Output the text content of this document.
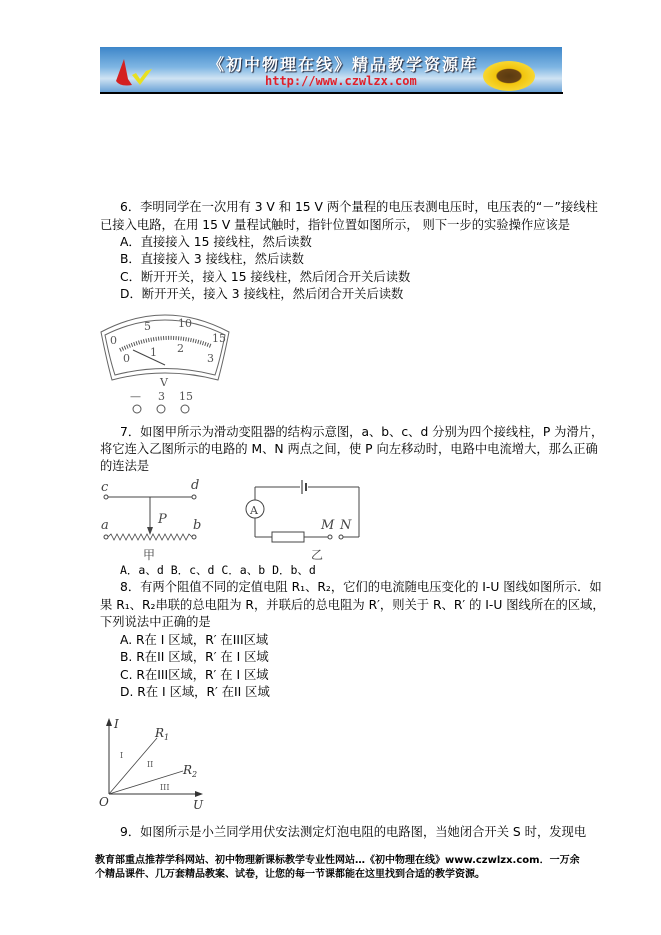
《初中物理在线》精品教学资源库
http://www.czwlzx.com
6．李明同学在一次用有 3 V 和 15 V 两个量程的电压表测电压时，电压表的“－”接线柱
已接入电路，在用 15 V 量程试触时，指针位置如图所示， 则下一步的实验操作应该是
A．直接接入 15 接线柱，然后读数
B．直接接入 3 接线柱，然后读数
C．断开开关，接入 15 接线柱，然后闭合开关后读数
D．断开开关，接入 3 接线柱，然后闭合开关后读数
0
5 10
15
0 1 2
3
V
— 3 15
7．如图甲所示为滑动变阻器的结构示意图，a、b、c、d 分别为四个接线柱，P 为滑片，
将它连入乙图所示的电路的 M、N 两点之间，使 P 向左移动时，电路中电流增大，那么正确
的连法是
c	d
P
a	b
甲
A
M N
乙
A．a、d B．c、d C．a、b D．b、d
8．有两个阻值不同的定值电阻 R₁、R₂，它们的电流随电压变化的 I-U 图线如图所示．如
果 R₁、R₂串联的总电阻为 R，并联后的总电阻为 R′，则关于 R、R′ 的 I-U 图线所在的区域，
下列说法中正确的是
A. R在 I 区域，R′ 在III区域
B. R在II 区域，R′ 在 I 区域
C. R在III区域，R′ 在 I 区域
D. R在 I 区域，R′ 在II 区域
I
U
O
$R_1$
$R_2$
I
II
III
9．如图所示是小兰同学用伏安法测定灯泡电阻的电路图，当她闭合开关 S 时，发现电
教育部重点推荐学科网站、初中物理新课标教学专业性网站…《初中物理在线》www.czwlzx.com．一万余
个精品课件、几万套精品教案、试卷，让您的每一节课都能在这里找到合适的教学资源。
